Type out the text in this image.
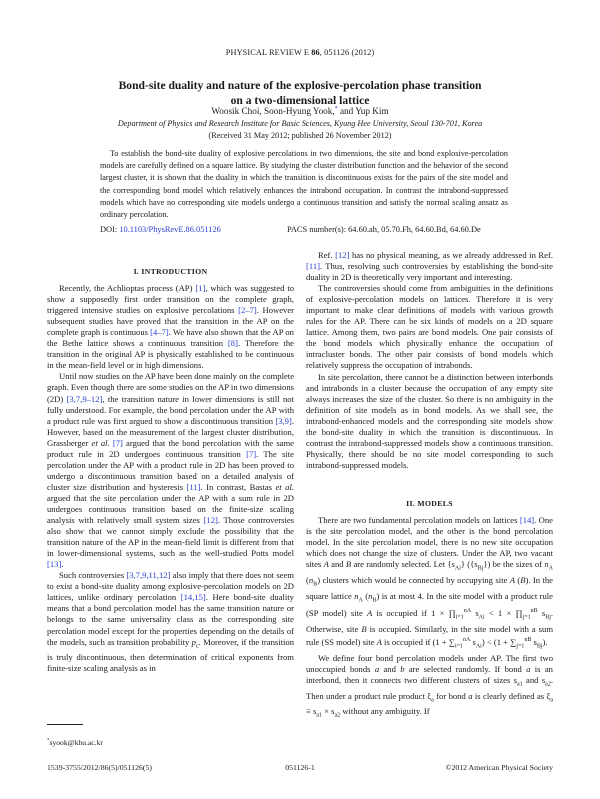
PHYSICAL REVIEW E 86, 051126 (2012)
Bond-site duality and nature of the explosive-percolation phase transition
on a two-dimensional lattice
Woosik Choi, Soon-Hyung Yook,* and Yup Kim
Department of Physics and Research Institute for Basic Sciences, Kyung Hee University, Seoul 130-701, Korea
(Received 31 May 2012; published 26 November 2012)
To establish the bond-site duality of explosive percolations in two dimensions, the site and bond explosive-percolation models are carefully defined on a square lattice. By studying the cluster distribution function and the behavior of the second largest cluster, it is shown that the duality in which the transition is discontinuous exists for the pairs of the site model and the corresponding bond model which relatively enhances the intrabond occupation. In contrast the intrabond-suppressed models which have no corresponding site models undergo a continuous transition and satisfy the normal scaling ansatz as ordinary percolation.
DOI: 10.1103/PhysRevE.86.051126	PACS number(s): 64.60.ah, 05.70.Fh, 64.60.Bd, 64.60.De
I. INTRODUCTION

Recently, the Achlioptas process (AP) [1], which was suggested to show a supposedly first order transition on the complete graph, triggered intensive studies on explosive percolations [2–7]. However subsequent studies have proved that the transition in the AP on the complete graph is continuous [4–7]. We have also shown that the AP on the Bethe lattice shows a continuous transition [8]. Therefore the transition in the original AP is physically established to be continuous in the mean-field level or in high dimensions.

Until now studies on the AP have been done mainly on the complete graph. Even though there are some studies on the AP in two dimensions (2D) [3,7,9–12], the transition nature in lower dimensions is still not fully understood. For example, the bond percolation under the AP with a product rule was first argued to show a discontinuous transition [3,9]. However, based on the measurement of the largest cluster distribution, Grassberger et al. [7] argued that the bond percolation with the same product rule in 2D undergoes continuous transition [7]. The site percolation under the AP with a product rule in 2D has been proved to undergo a discontinuous transition based on a detailed analysis of cluster size distribution and hysteresis [11]. In contrast, Bastas et al. argued that the site percolation under the AP with a sum rule in 2D undergoes continuous transition based on the finite-size scaling analysis with relatively small system sizes [12]. Those controversies also show that we cannot simply exclude the possibility that the transition nature of the AP in the mean-field limit is different from that in lower-dimensional systems, such as the well-studied Potts model [13].

Such controversies [3,7,9,11,12] also imply that there does not seem to exist a bond-site duality among explosive-percolation models on 2D lattices, unlike ordinary percolation [14,15]. Here bond-site duality means that a bond percolation model has the same transition nature or belongs to the same universality class as the corresponding site percolation model except for the properties depending on the details of the models, such as transition probability $p_c$. Moreover, if the transition is truly discontinuous, then determination of critical exponents from finite-size scaling analysis as in

Ref. [12] has no physical meaning, as we already addressed in Ref. [11]. Thus, resolving such controversies by establishing the bond-site duality in 2D is theoretically very important and interesting.

The controversies should come from ambiguities in the definitions of explosive-percolation models on lattices. Therefore it is very important to make clear definitions of models with various growth rules for the AP. There can be six kinds of models on a 2D square lattice. Among them, two pairs are bond models. One pair consists of the bond models which physically enhance the occupation of intracluster bonds. The other pair consists of bond models which relatively suppress the occupation of intrabonds.

In site percolation, there cannot be a distinction between interbonds and intrabonds in a cluster because the occupation of any empty site always increases the size of the cluster. So there is no ambiguity in the definition of site models as in bond models. As we shall see, the intrabond-enhanced models and the corresponding site models show the bond-site duality in which the transition is discontinuous. In contrast the intrabond-suppressed models show a continuous transition. Physically, there should be no site model corresponding to such intrabond-suppressed models.

II. MODELS

There are two fundamental percolation models on lattices [14]. One is the site percolation model, and the other is the bond percolation model. In the site percolation model, there is no new site occupation which does not change the size of clusters. Under the AP, two vacant sites A and B are randomly selected. Let $\{s_{Ai}\}$ $(\{s_{Bj}\})$ be the sizes of $n_A$ $(n_B)$ clusters which would be connected by occupying site A (B). In the square lattice $n_A$ $(n_B)$ is at most 4. In the site model with a product rule (SP model) site A is occupied if $1 \times \prod_{i=1}^{nA}$ $s_{Ai} < 1$ × $\prod_{j=1}^{nB}$ $s_{Bj}$. Otherwise, site B is occupied. Similarly, in the site model with a sum rule (SS model) site A is occupied if ($1 + \sum_{i=1}^{nA}$ $s_{Ai}) < (1 + \sum_{j=1}^{nB}$ $s_{Bj}$).

We define four bond percolation models under AP. The first two unoccupied bonds a and b are selected randomly. If bond a is an interbond, then it connects two different clusters of sizes $s_{a1}$ and $s_{a2}$. Then under a product rule product $\xi_a$ for bond a is clearly defined as $\xi_a \equiv s_{a1} \times s_{a2}$ without any ambiguity. If

*syook@khu.ac.kr
1539-3755/2012/86(5)/051126(5)	051126-1	©2012 American Physical Society
